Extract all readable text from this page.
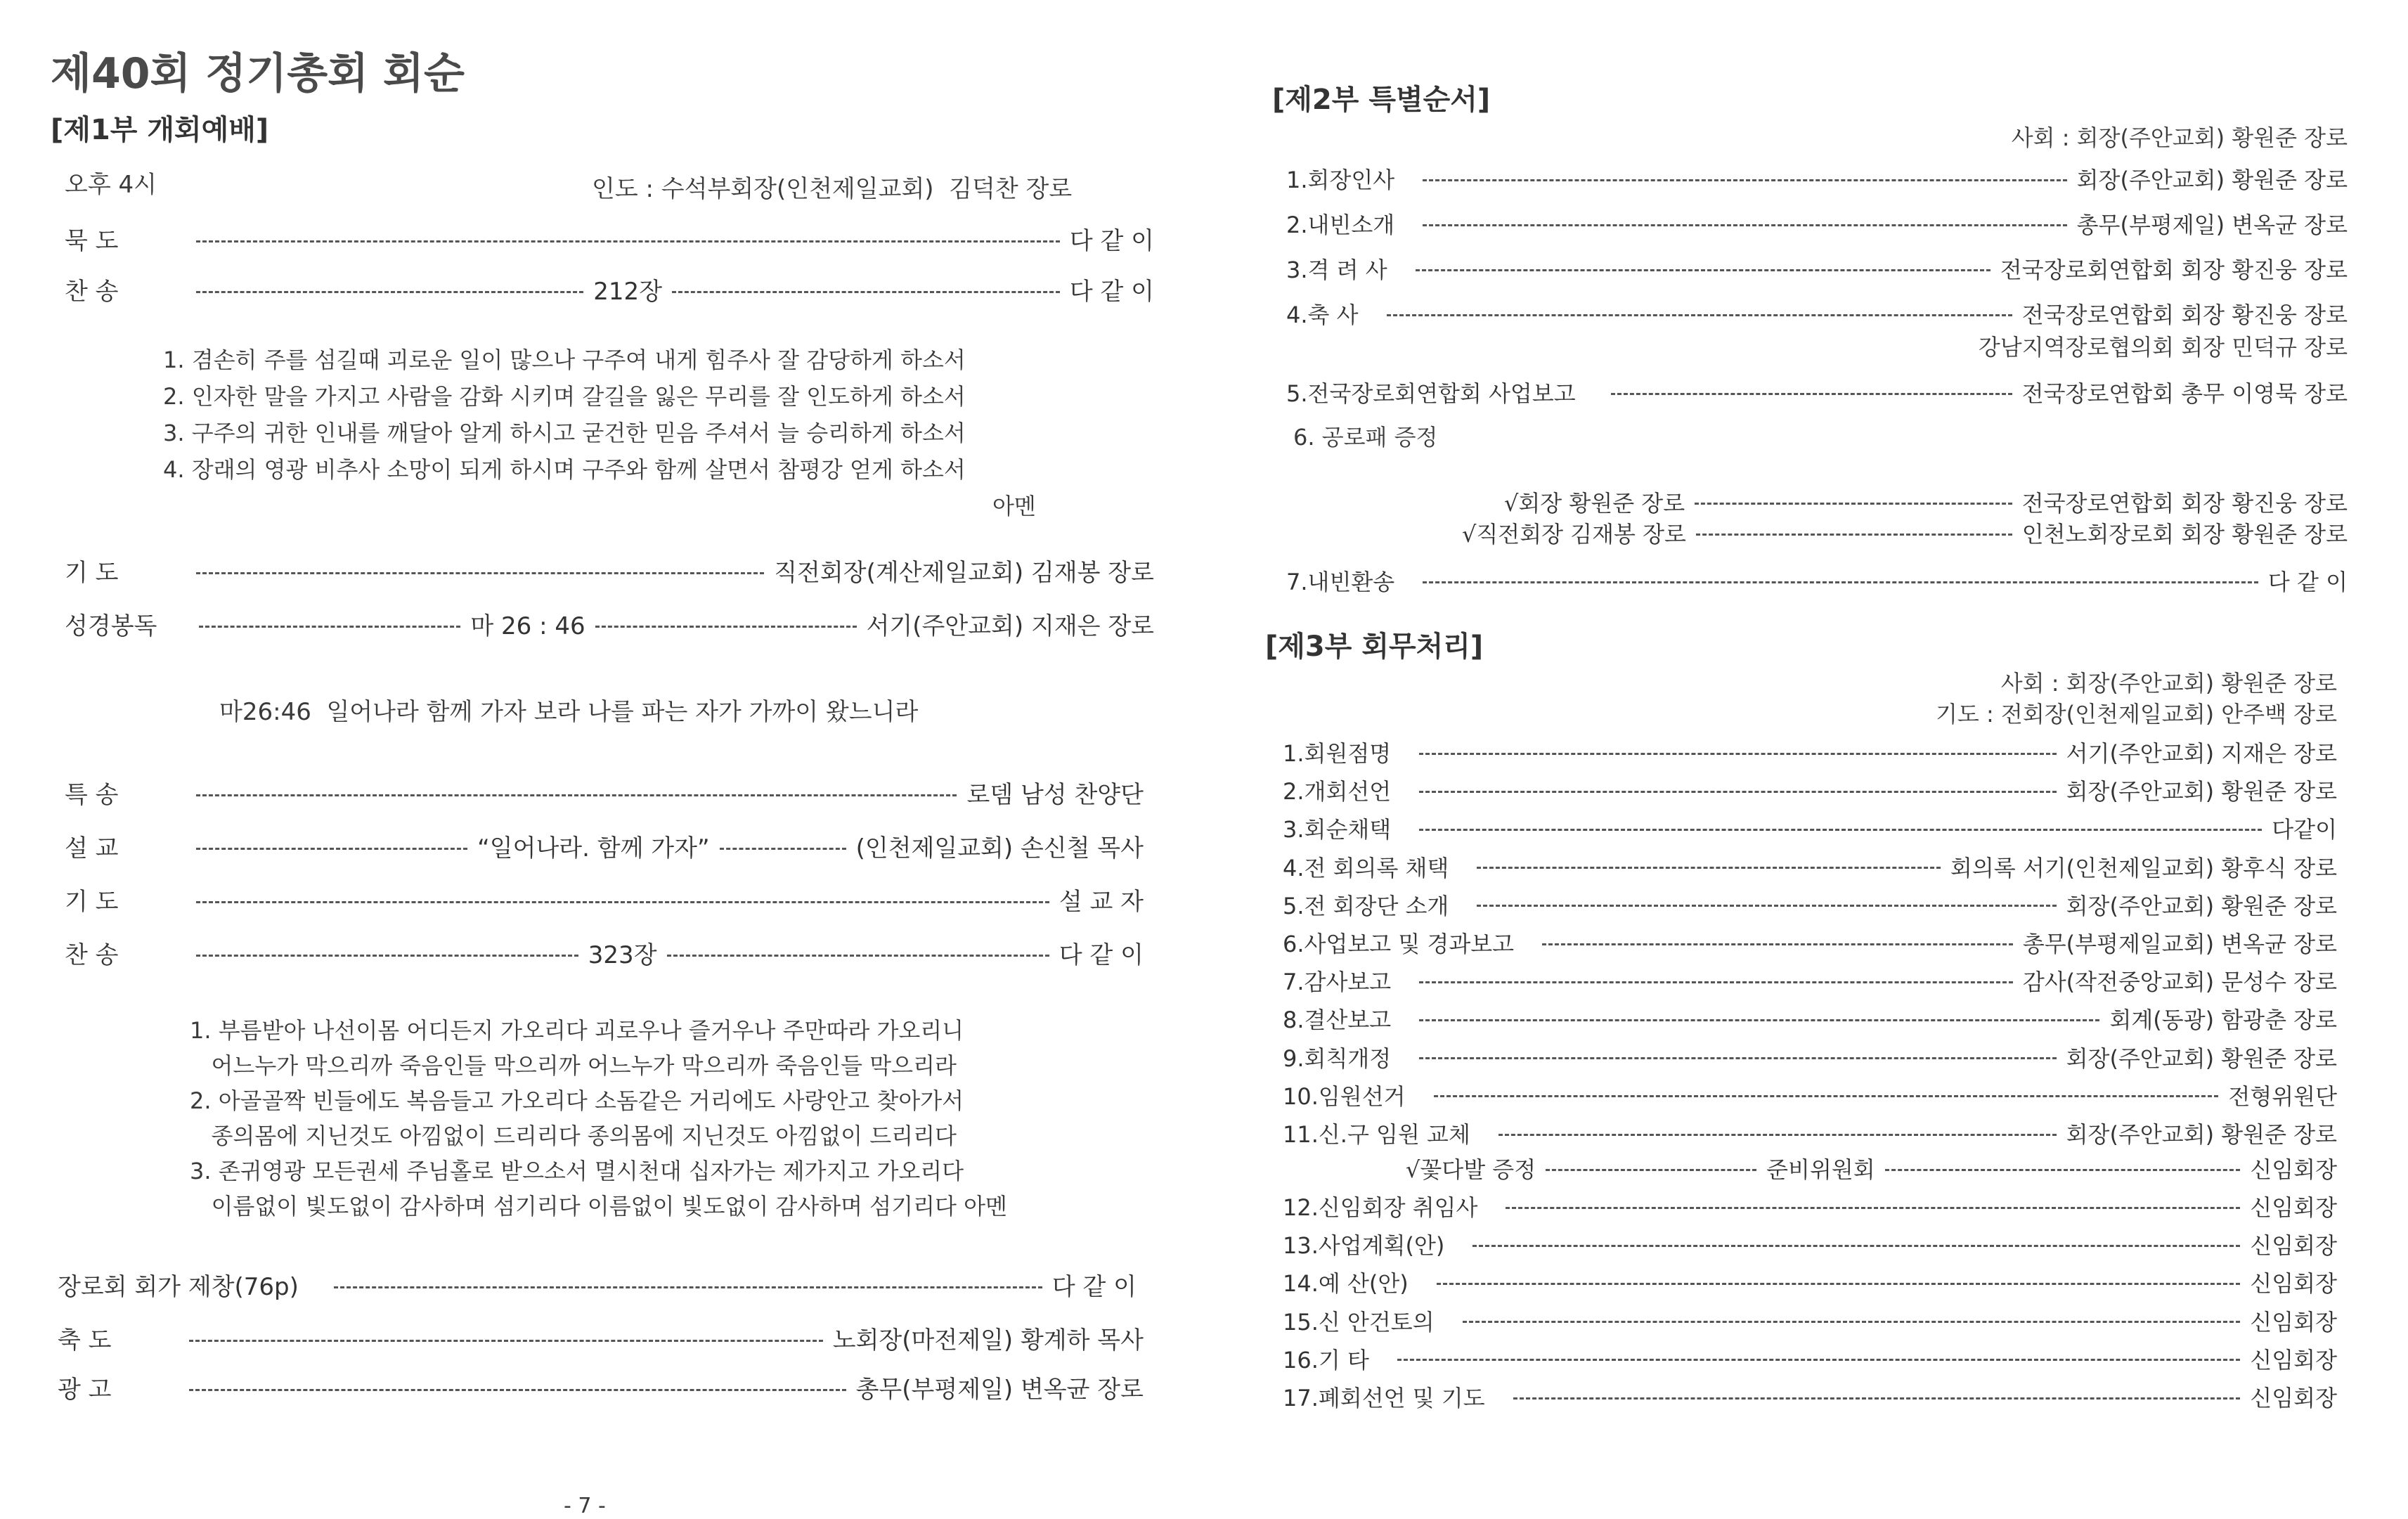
제40회 정기총회 회순
[제1부 개회예배]
오후 4시	인도 : 수석부회장(인천제일교회)  김덕찬 장로
묵 도	다 같 이
찬 송	212장	다 같 이
1. 겸손히 주를 섬길때 괴로운 일이 많으나 구주여 내게 힘주사 잘 감당하게 하소서
2. 인자한 말을 가지고 사람을 감화 시키며 갈길을 잃은 무리를 잘 인도하게 하소서
3. 구주의 귀한 인내를 깨달아 알게 하시고 굳건한 믿음 주셔서 늘 승리하게 하소서
4. 장래의 영광 비추사 소망이 되게 하시며 구주와 함께 살면서 참평강 얻게 하소서
아멘
기 도	직전회장(계산제일교회) 김재봉 장로
성경봉독	마 26 : 46	서기(주안교회) 지재은 장로
마26:46  일어나라 함께 가자 보라 나를 파는 자가 가까이 왔느니라
특 송	로뎀 남성 찬양단
설 교	“일어나라. 함께 가자”	(인천제일교회) 손신철 목사
기 도	설 교 자
찬 송	323장	다 같 이
1. 부름받아 나선이몸 어디든지 가오리다 괴로우나 즐거우나 주만따라 가오리니
어느누가 막으리까 죽음인들 막으리까 어느누가 막으리까 죽음인들 막으리라
2. 아골골짝 빈들에도 복음들고 가오리다 소돔같은 거리에도 사랑안고 찾아가서
종의몸에 지닌것도 아낌없이 드리리다 종의몸에 지닌것도 아낌없이 드리리다
3. 존귀영광 모든권세 주님홀로 받으소서 멸시천대 십자가는 제가지고 가오리다
이름없이 빛도없이 감사하며 섬기리다 이름없이 빛도없이 감사하며 섬기리다 아멘
장로회 회가 제창(76p)	다 같 이
축 도	노회장(마전제일) 황계하 목사
광 고	총무(부평제일) 변옥균 장로
- 7 -
[제2부 특별순서]
사회 : 회장(주안교회) 황원준 장로
1.회장인사	회장(주안교회) 황원준 장로
2.내빈소개	총무(부평제일) 변옥균 장로
3.격 려 사	전국장로회연합회 회장 황진웅 장로
4.축 사	전국장로연합회 회장 황진웅 장로
강남지역장로협의회 회장 민덕규 장로
5.전국장로회연합회 사업보고	전국장로연합회 총무 이영묵 장로
6. 공로패 증정
√회장 황원준 장로	전국장로연합회 회장 황진웅 장로
√직전회장 김재봉 장로	인천노회장로회 회장 황원준 장로
7.내빈환송	다 같 이
[제3부 회무처리]
사회 : 회장(주안교회) 황원준 장로
기도 : 전회장(인천제일교회) 안주백 장로
1.회원점명	서기(주안교회) 지재은 장로
2.개회선언	회장(주안교회) 황원준 장로
3.회순채택	다같이
4.전 회의록 채택	회의록 서기(인천제일교회) 황후식 장로
5.전 회장단 소개	회장(주안교회) 황원준 장로
6.사업보고 및 경과보고	총무(부평제일교회) 변옥균 장로
7.감사보고	감사(작전중앙교회) 문성수 장로
8.결산보고	회계(동광) 함광춘 장로
9.회칙개정	회장(주안교회) 황원준 장로
10.임원선거	전형위원단
11.신.구 임원 교체	회장(주안교회) 황원준 장로
√꽃다발 증정	준비위원회	신임회장
12.신임회장 취임사	신임회장
13.사업계획(안)	신임회장
14.예 산(안)	신임회장
15.신 안건토의	신임회장
16.기 타	신임회장
17.폐회선언 및 기도	신임회장
